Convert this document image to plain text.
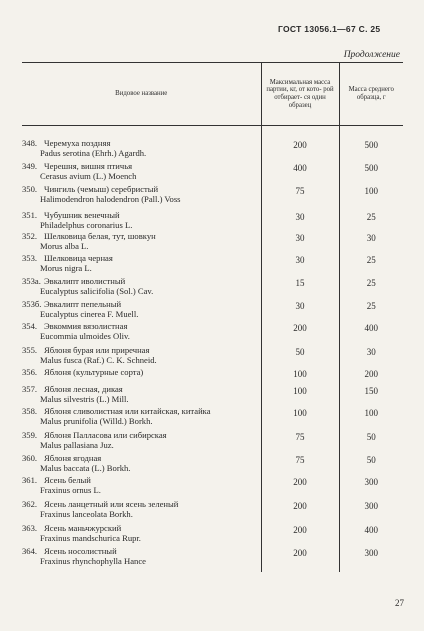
ГОСТ 13056.1—67 С. 25
Продолжение
Видовое название	Максимальная масса партии, кг, от кото- рой отбирает- ся один образец	Масса среднего образца, г

348. Черемуха поздняя
Padus serotina (Ehrh.) Agardh.	200	500

349. Черешня, вишня птичья
Cerasus avium (L.) Moench	400	500

350. Чингиль (чемыш) серебристый
Halimodendron halodendron (Pall.) Voss	75	100

351. Чубушник венечный
Philadelphus coronarius L.	30	25

352. Шелковица белая, тут, шовкун
Morus alba L.	30	30

353. Шелковица черная
Morus nigra L.	30	25

353а. Эвкалипт иволистный
Eucalyptus salicifolia (Sol.) Cav.	15	25

353б. Эвкалипт пепельный
Eucalyptus cinerea F. Muell.	30	25

354. Эвкоммия вязолистная
Eucommia ulmoides Oliv.	200	400

355. Яблоня бурая или приречная
Malus fusca (Raf.) C. K. Schneid.	50	30

356. Яблоня (культурные сорта)	100	200

357. Яблоня лесная, дикая
Malus silvestris (L.) Mill.	100	150

358. Яблоня сливолистная или китайская, китайка
Malus prunifolia (Willd.) Borkh.	100	100

359. Яблоня Палласова или сибирская
Malus pallasiana Juz.	75	50

360. Яблоня ягодная
Malus baccata (L.) Borkh.	75	50

361. Ясень белый
Fraxinus ornus L.	200	300

362. Ясень ланцетный или ясень зеленый
Fraxinus lanceolata Borkh.	200	300

363. Ясень маньчжурский
Fraxinus mandschurica Rupr.	200	400

364. Ясень носолистный
Fraxinus rhynchophylla Hance	200	300
27
